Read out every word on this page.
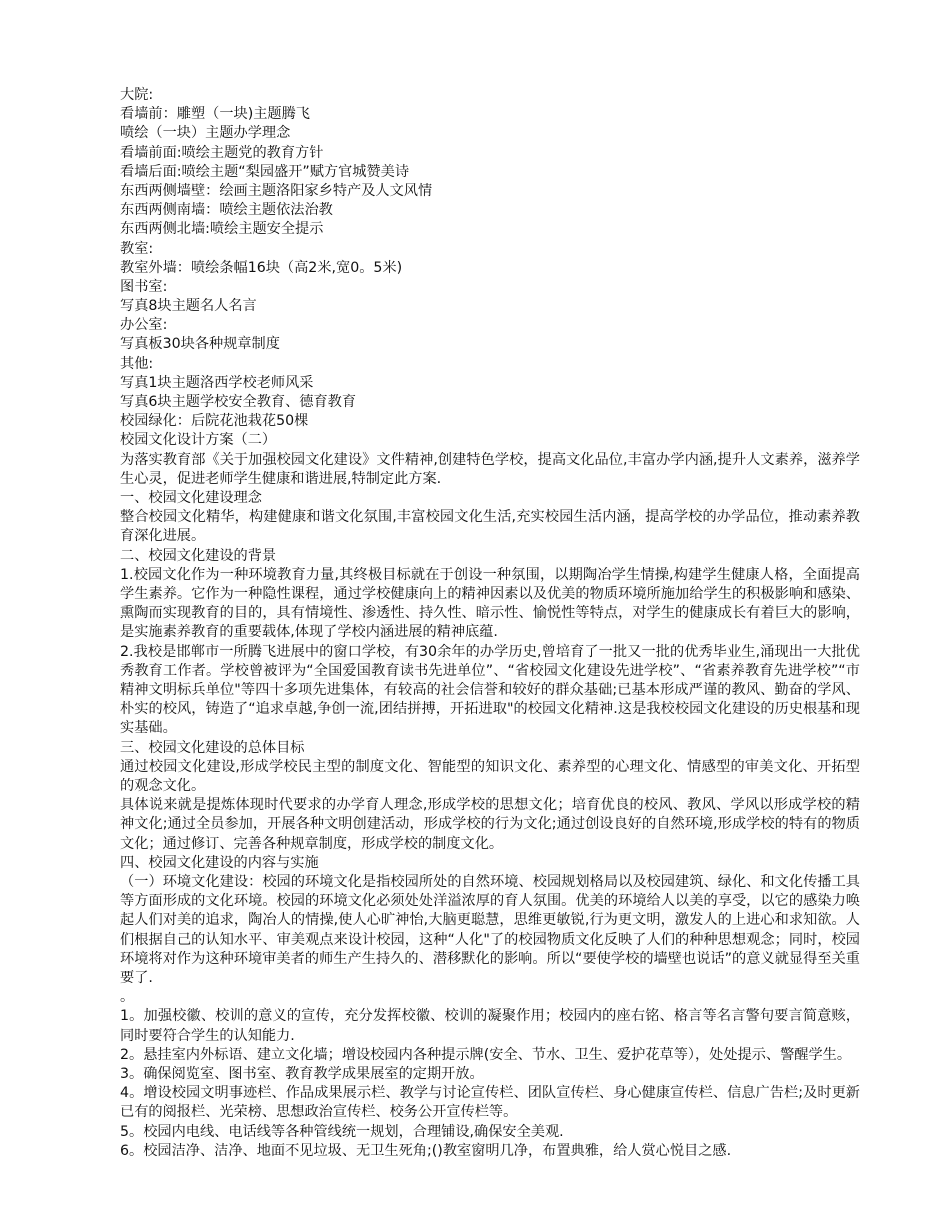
大院:

看墙前：雕塑（一块)主题腾飞

喷绘（一块）主题办学理念

看墙前面:喷绘主题党的教育方针

看墙后面:喷绘主题“梨园盛开”赋方官城赞美诗

东西两侧墙壁：绘画主题洛阳家乡特产及人文风情

东西两侧南墙：喷绘主题依法治教

东西两侧北墙:喷绘主题安全提示

教室:

教室外墙：喷绘条幅16块（高2米,宽0。5米)

图书室:

写真8块主题名人名言

办公室:

写真板30块各种规章制度

其他:

写真1块主题洛西学校老师风采

写真6块主题学校安全教育、德育教育

校园绿化：后院花池栽花50棵

校园文化设计方案（二）

为落实教育部《关于加强校园文化建设》文件精神,创建特色学校，提高文化品位,丰富办学内涵,提升人文素养，滋养学生心灵，促进老师学生健康和谐进展,特制定此方案.

一、校园文化建设理念

整合校园文化精华，构建健康和谐文化氛围,丰富校园文化生活,充实校园生活内涵，提高学校的办学品位，推动素养教育深化进展。

二、校园文化建设的背景

1.校园文化作为一种环境教育力量,其终极目标就在于创设一种氛围，以期陶冶学生情操,构建学生健康人格，全面提高学生素养。它作为一种隐性课程，通过学校健康向上的精神因素以及优美的物质环境所施加给学生的积极影响和感染、熏陶而实现教育的目的，具有情境性、渗透性、持久性、暗示性、愉悦性等特点，对学生的健康成长有着巨大的影响，是实施素养教育的重要载体,体现了学校内涵进展的精神底蕴.

2.我校是邯郸市一所腾飞进展中的窗口学校，有30余年的办学历史,曾培育了一批又一批的优秀毕业生,涌现出一大批优秀教育工作者。学校曾被评为“全国爱国教育读书先进单位”、“省校园文化建设先进学校”、“省素养教育先进学校”“市精神文明标兵单位"等四十多项先进集体，有较高的社会信誉和较好的群众基础;已基本形成严谨的教风、勤奋的学风、朴实的校风，铸造了“追求卓越,争创一流,团结拼搏，开拓进取"的校园文化精神.这是我校校园文化建设的历史根基和现实基础。

三、校园文化建设的总体目标

通过校园文化建设,形成学校民主型的制度文化、智能型的知识文化、素养型的心理文化、情感型的审美文化、开拓型的观念文化。

具体说来就是提炼体现时代要求的办学育人理念,形成学校的思想文化；培育优良的校风、教风、学风以形成学校的精神文化;通过全员参加，开展各种文明创建活动，形成学校的行为文化;通过创设良好的自然环境,形成学校的特有的物质文化；通过修订、完善各种规章制度，形成学校的制度文化。

四、校园文化建设的内容与实施

（一）环境文化建设：校园的环境文化是指校园所处的自然环境、校园规划格局以及校园建筑、绿化、和文化传播工具等方面形成的文化环境。校园的环境文化必须处处洋溢浓厚的育人氛围。优美的环境给人以美的享受，以它的感染力唤起人们对美的追求，陶冶人的情操,使人心旷神怡,大脑更聪慧，思维更敏锐,行为更文明，激发人的上进心和求知欲。人们根据自己的认知水平、审美观点来设计校园，这种“人化"了的校园物质文化反映了人们的种种思想观念；同时，校园环境将对作为这种环境审美者的师生产生持久的、潜移默化的影响。所以“要使学校的墙壁也说话”的意义就显得至关重要了.

。

1。加强校徽、校训的意义的宣传，充分发挥校徽、校训的凝聚作用；校园内的座右铭、格言等名言警句要言简意赅，同时要符合学生的认知能力.

2。悬挂室内外标语、建立文化墙；增设校园内各种提示牌(安全、节水、卫生、爱护花草等），处处提示、警醒学生。

3。确保阅览室、图书室、教育教学成果展室的定期开放。

4。增设校园文明事迹栏、作品成果展示栏、教学与讨论宣传栏、团队宣传栏、身心健康宣传栏、信息广告栏;及时更新已有的阅报栏、光荣榜、思想政治宣传栏、校务公开宣传栏等。

5。校园内电线、电话线等各种管线统一规划，合理铺设,确保安全美观.

6。校园洁净、洁净、地面不见垃圾、无卫生死角;()教室窗明几净，布置典雅，给人赏心悦目之感.
